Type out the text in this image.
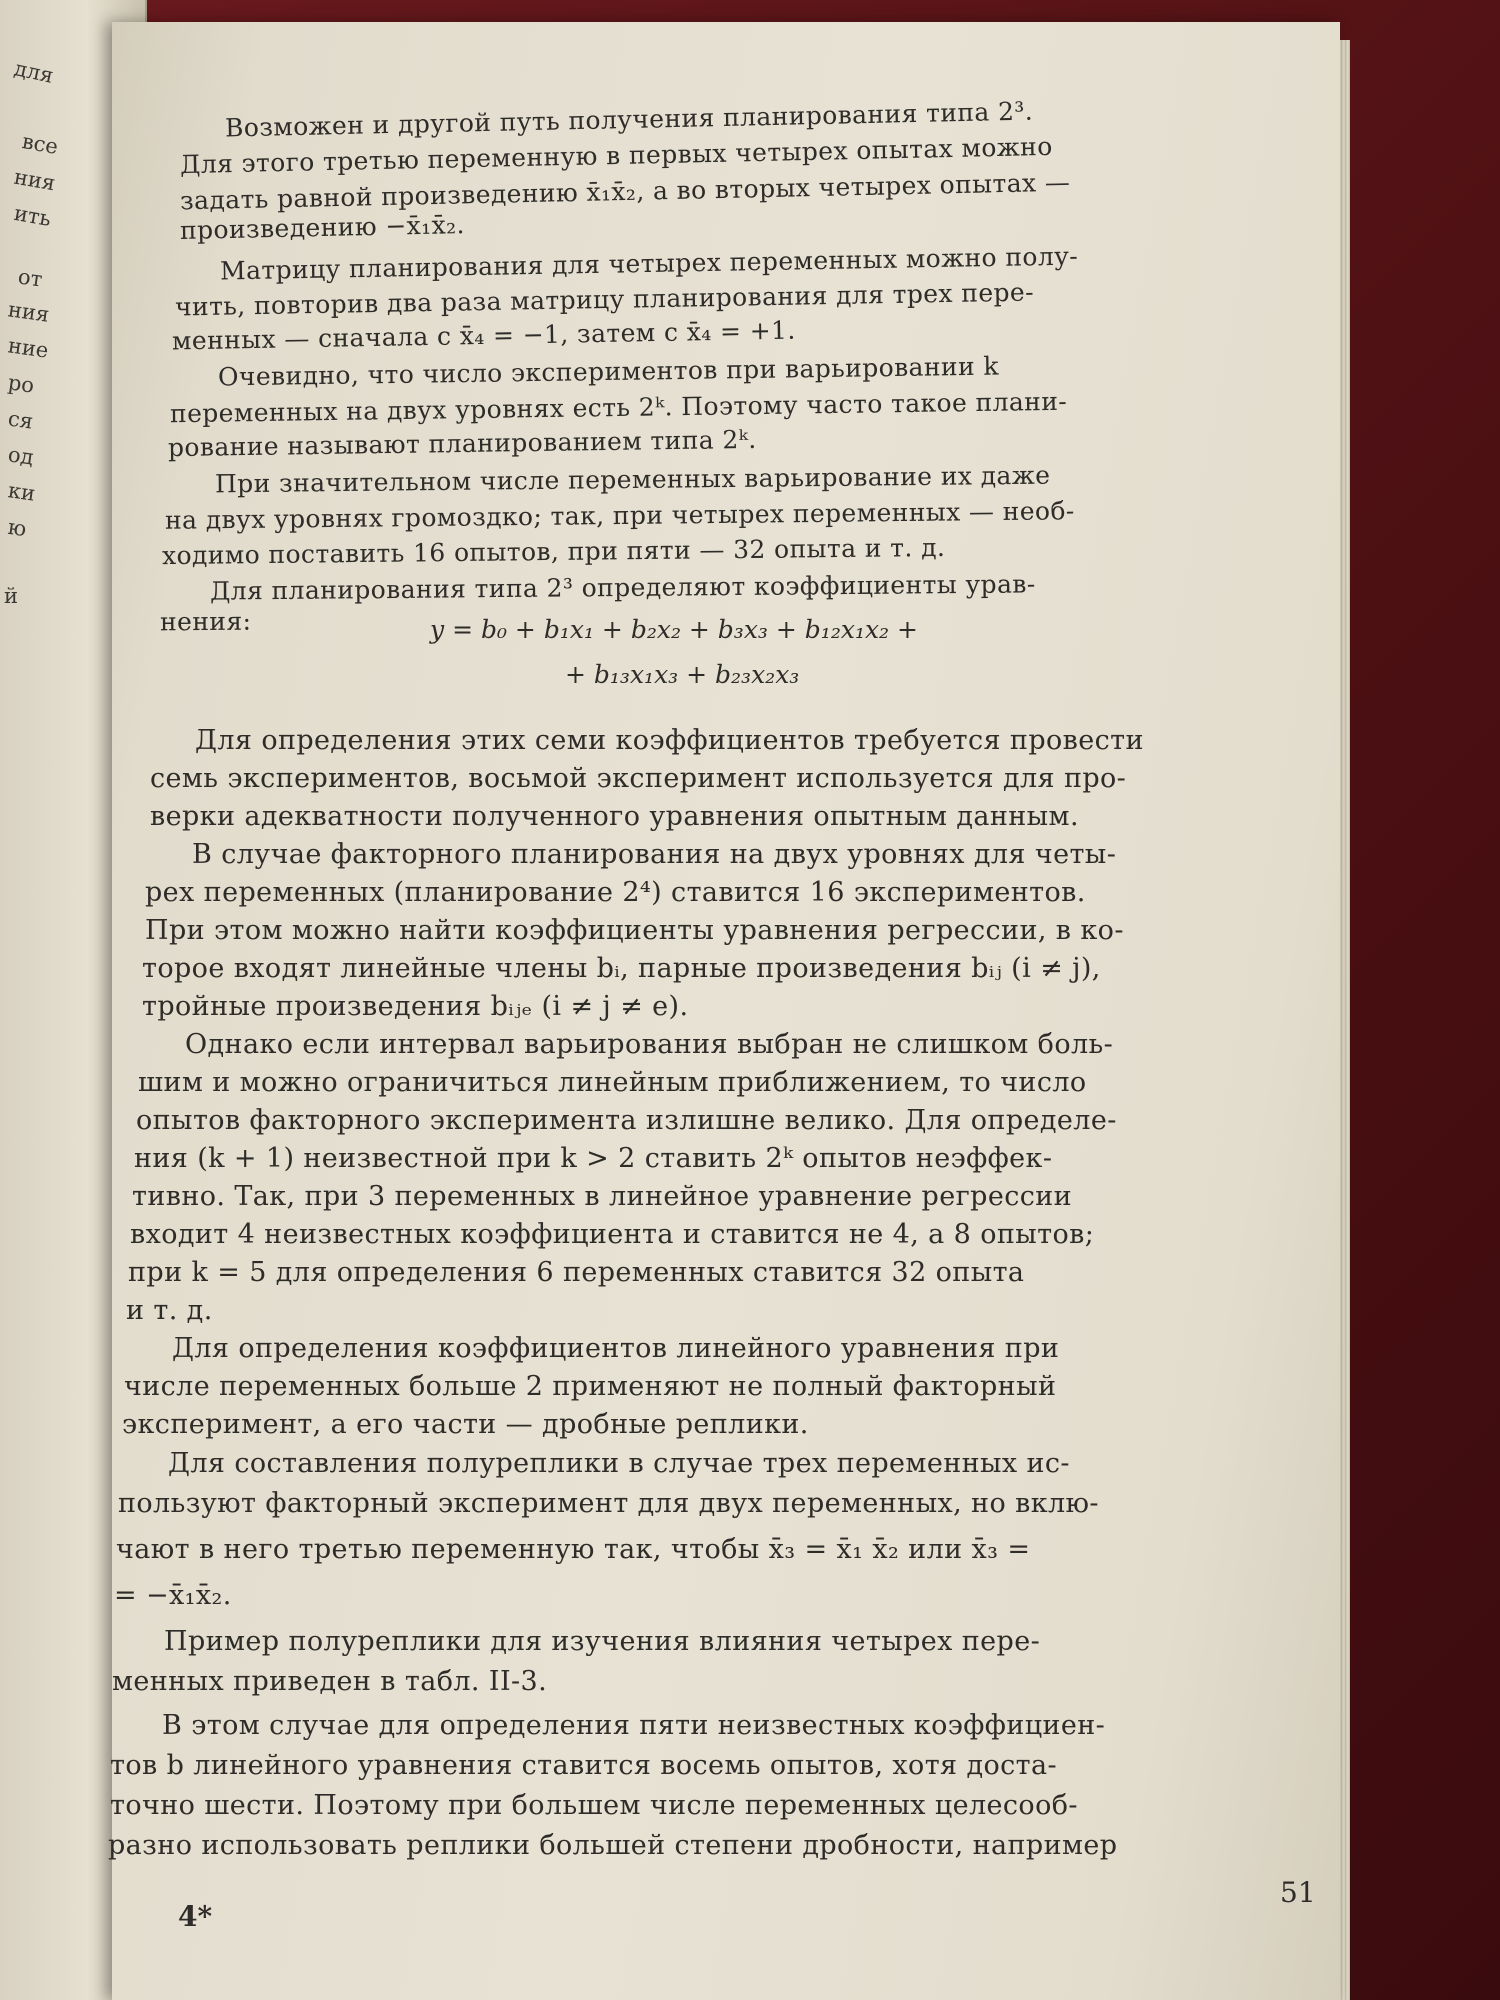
для
все
ния
ить
от
ния
ние
ро
ся
од
ки
ю
й
Возможен и другой путь получения планирования типа 2³.
Для этого третью переменную в первых четырех опытах можно
задать равной произведению x̄₁x̄₂, а во вторых четырех опытах —
произведению −x̄₁x̄₂.
Матрицу планирования для четырех переменных можно полу-
чить, повторив два раза матрицу планирования для трех пере-
менных — сначала с x̄₄ = −1, затем с x̄₄ = +1.
Очевидно, что число экспериментов при варьировании k
переменных на двух уровнях есть 2ᵏ. Поэтому часто такое плани-
рование называют планированием типа 2ᵏ.
При значительном числе переменных варьирование их даже
на двух уровнях громоздко; так, при четырех переменных — необ-
ходимо поставить 16 опытов, при пяти — 32 опыта и т. д.
Для планирования типа 2³ определяют коэффициенты урав-
нения:	y = b₀ + b₁x₁ + b₂x₂ + b₃x₃ + b₁₂x₁x₂ +
+ b₁₃x₁x₃ + b₂₃x₂x₃
Для определения этих семи коэффициентов требуется провести
семь экспериментов, восьмой эксперимент используется для про-
верки адекватности полученного уравнения опытным данным.
В случае факторного планирования на двух уровнях для четы-
рех переменных (планирование 2⁴) ставится 16 экспериментов.
При этом можно найти коэффициенты уравнения регрессии, в ко-
торое входят линейные члены bᵢ, парные произведения bᵢⱼ (i ≠ j),
тройные произведения bᵢⱼₑ (i ≠ j ≠ e).
Однако если интервал варьирования выбран не слишком боль-
шим и можно ограничиться линейным приближением, то число
опытов факторного эксперимента излишне велико. Для определе-
ния (k + 1) неизвестной при k > 2 ставить 2ᵏ опытов неэффек-
тивно. Так, при 3 переменных в линейное уравнение регрессии
входит 4 неизвестных коэффициента и ставится не 4, а 8 опытов;
при k = 5 для определения 6 переменных ставится 32 опыта
и т. д.
Для определения коэффициентов линейного уравнения при
числе переменных больше 2 применяют не полный факторный
эксперимент, а его части — дробные реплики.
Для составления полуреплики в случае трех переменных ис-
пользуют факторный эксперимент для двух переменных, но вклю-
чают в него третью переменную так, чтобы x̄₃ = x̄₁ x̄₂ или x̄₃ =
= −x̄₁x̄₂.
Пример полуреплики для изучения влияния четырех пере-
менных приведен в табл. II-3.
В этом случае для определения пяти неизвестных коэффициен-
тов b линейного уравнения ставится восемь опытов, хотя доста-
точно шести. Поэтому при большем числе переменных целесооб-
разно использовать реплики большей степени дробности, например
4*
51
